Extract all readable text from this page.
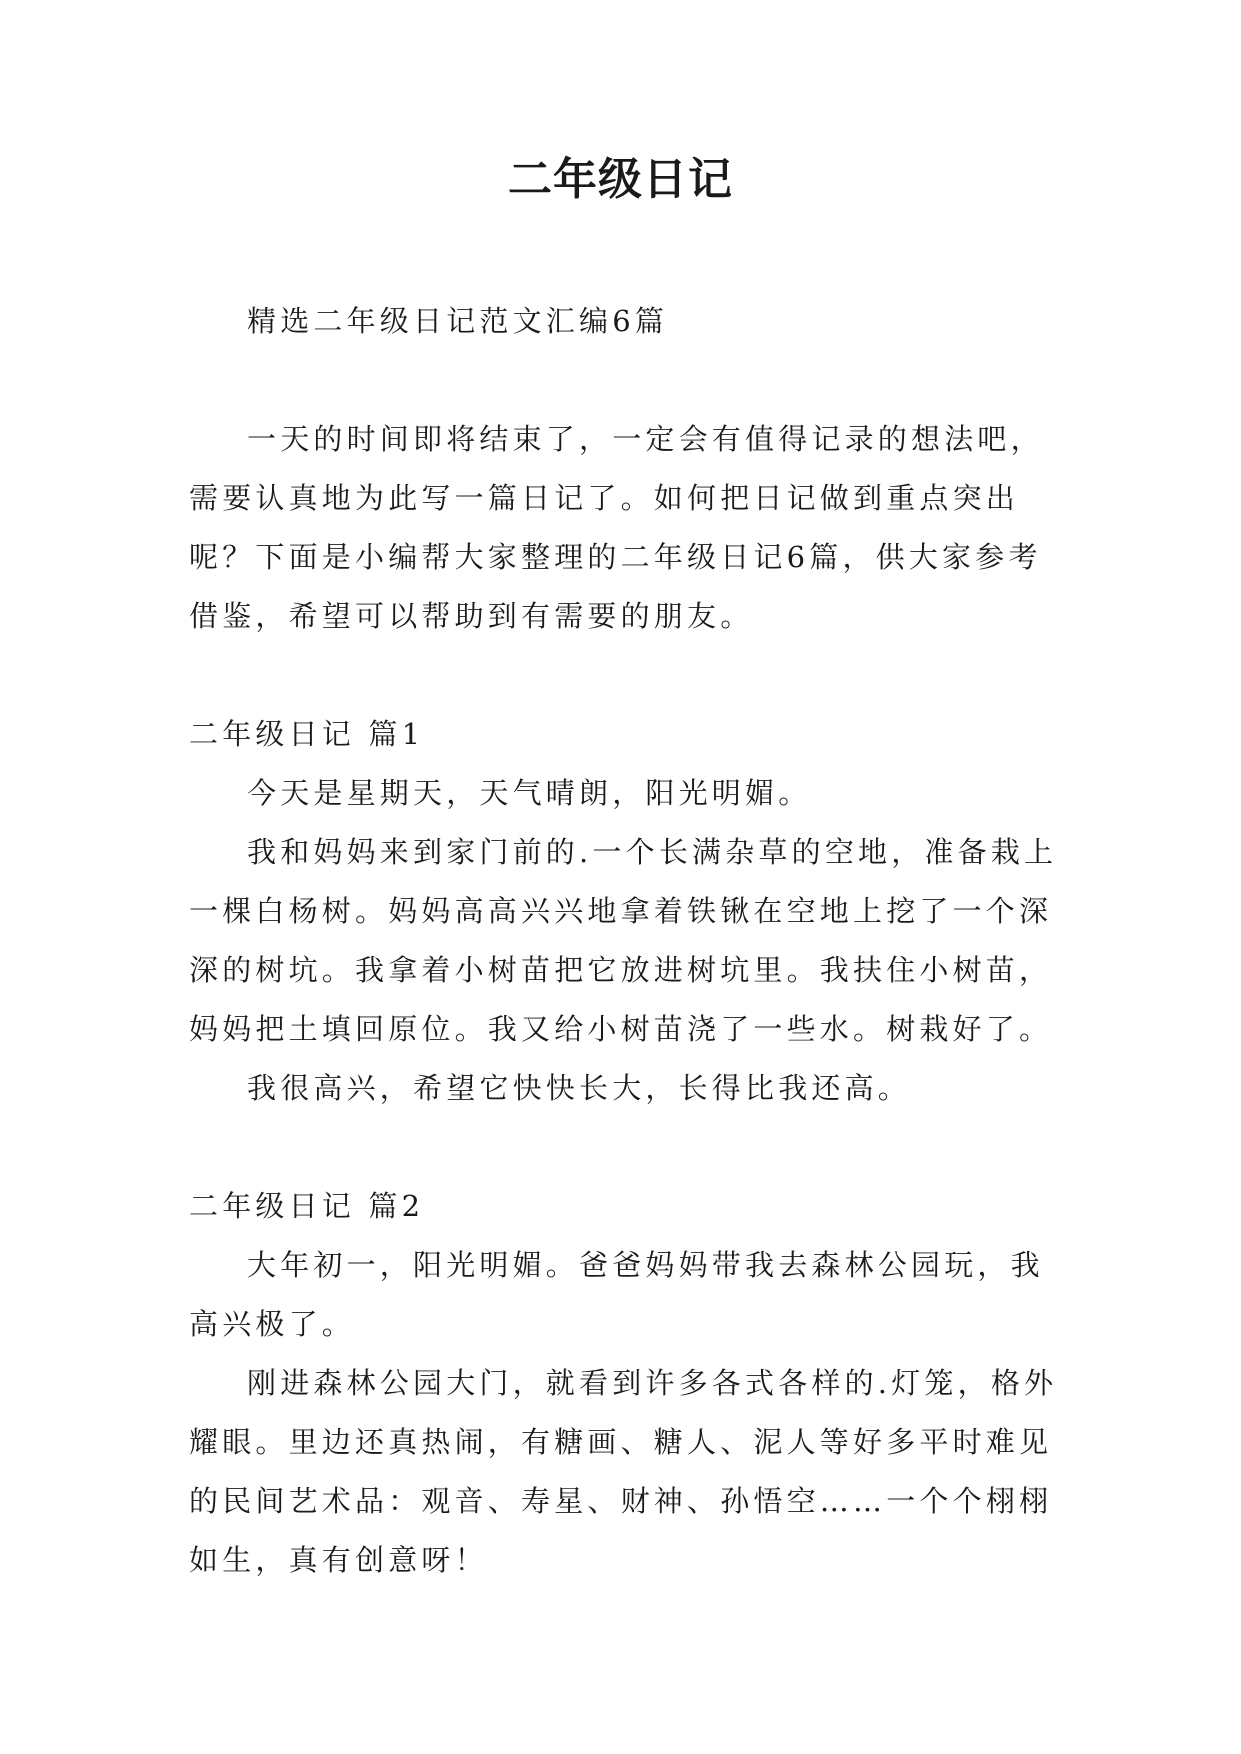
二年级日记

精选二年级日记范文汇编6篇

一天的时间即将结束了，一定会有值得记录的想法吧，需要认真地为此写一篇日记了。如何把日记做到重点突出呢？下面是小编帮大家整理的二年级日记6篇，供大家参考借鉴，希望可以帮助到有需要的朋友。

二年级日记 篇1

今天是星期天，天气晴朗，阳光明媚。

我和妈妈来到家门前的.一个长满杂草的空地，准备栽上一棵白杨树。妈妈高高兴兴地拿着铁锹在空地上挖了一个深深的树坑。我拿着小树苗把它放进树坑里。我扶住小树苗，妈妈把土填回原位。我又给小树苗浇了一些水。树栽好了。

我很高兴，希望它快快长大，长得比我还高。

二年级日记 篇2

大年初一，阳光明媚。爸爸妈妈带我去森林公园玩，我高兴极了。

刚进森林公园大门，就看到许多各式各样的.灯笼，格外耀眼。里边还真热闹，有糖画、糖人、泥人等好多平时难见的民间艺术品：观音、寿星、财神、孙悟空……一个个栩栩如生，真有创意呀！
